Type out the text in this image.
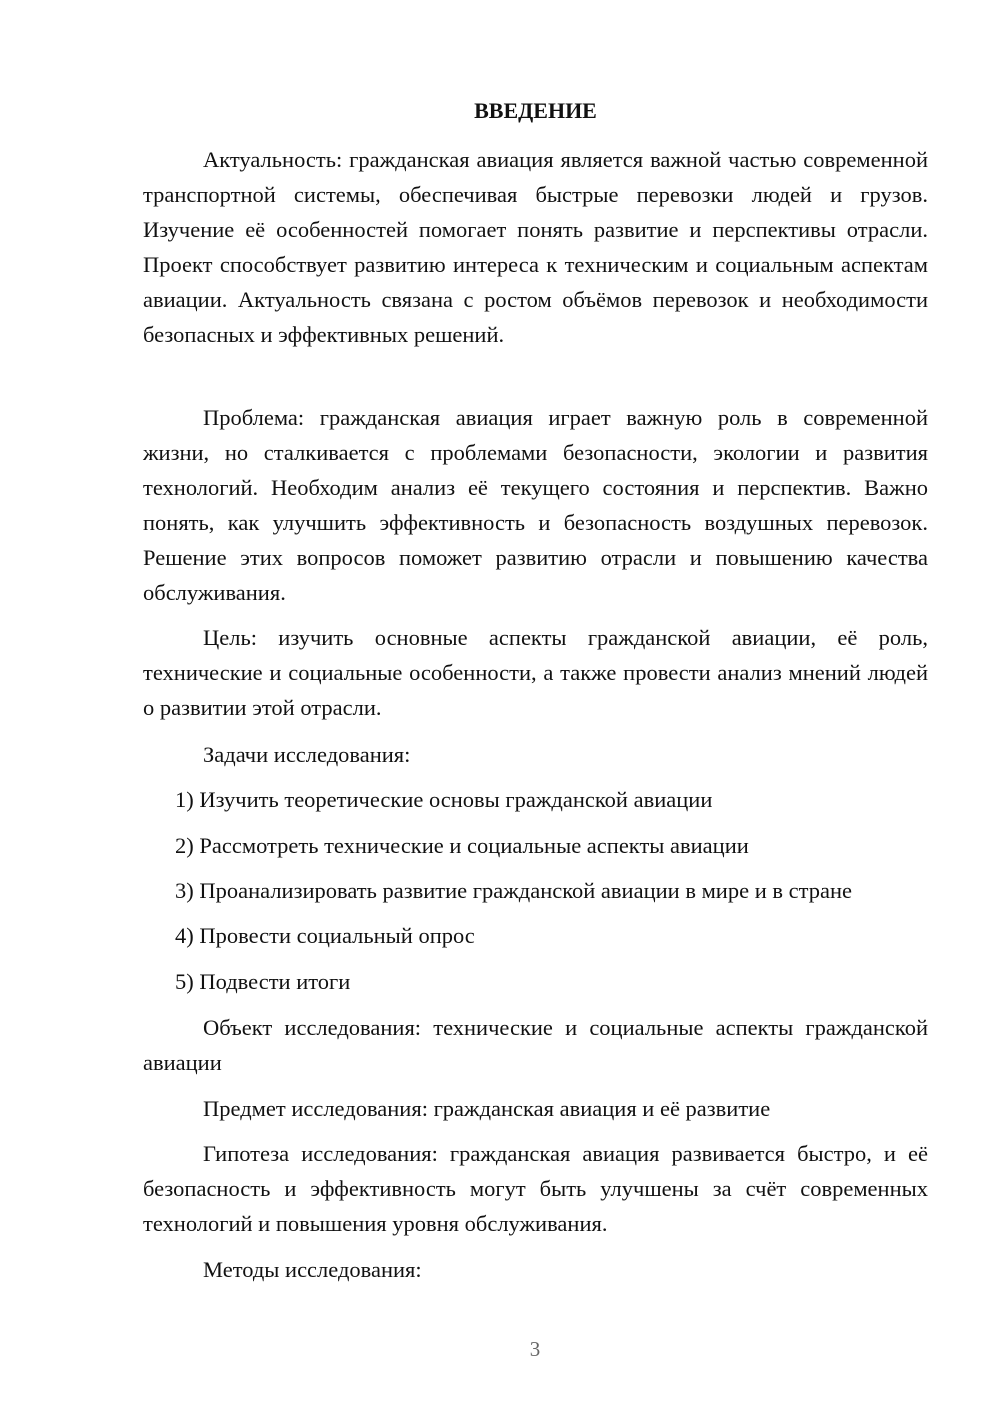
ВВЕДЕНИЕ

Актуальность: гражданская авиация является важной частью современной транспортной системы, обеспечивая быстрые перевозки людей и грузов. Изучение её особенностей помогает понять развитие и перспективы отрасли. Проект способствует развитию интереса к техническим и социальным аспектам авиации. Актуальность связана с ростом объёмов перевозок и необходимости безопасных и эффективных решений.

Проблема: гражданская авиация играет важную роль в современной жизни, но сталкивается с проблемами безопасности, экологии и развития технологий. Необходим анализ её текущего состояния и перспектив. Важно понять, как улучшить эффективность и безопасность воздушных перевозок. Решение этих вопросов поможет развитию отрасли и повышению качества обслуживания.

Цель: изучить основные аспекты гражданской авиации, её роль, технические и социальные особенности, а также провести анализ мнений людей о развитии этой отрасли.

Задачи исследования:

1) Изучить теоретические основы гражданской авиации

2) Рассмотреть технические и социальные аспекты авиации

3) Проанализировать развитие гражданской авиации в мире и в стране

4) Провести социальный опрос

5) Подвести итоги

Объект исследования: технические и социальные аспекты гражданской авиации

Предмет исследования: гражданская авиация и её развитие

Гипотеза исследования: гражданская авиация развивается быстро, и её безопасность и эффективность могут быть улучшены за счёт современных технологий и повышения уровня обслуживания.

Методы исследования:

3
